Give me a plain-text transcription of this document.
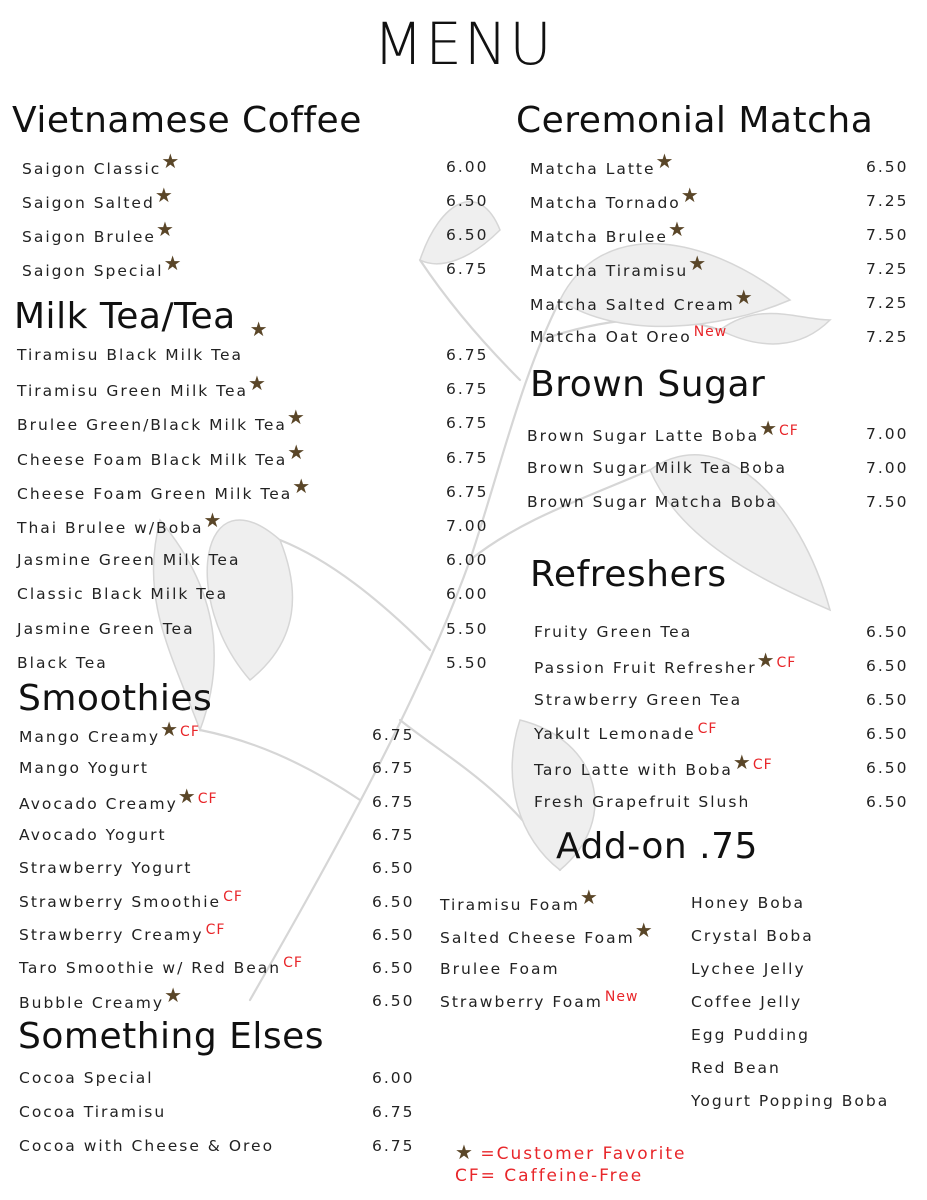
MENU
Vietnamese Coffee
Saigon Classic★	6.00
Saigon Salted★	6.50
Saigon Brulee★	6.50
Saigon Special★	6.75
Milk Tea/Tea $_★$
Tiramisu Black Milk Tea	6.75
Tiramisu Green Milk Tea★	6.75
Brulee Green/Black Milk Tea★	6.75
Cheese Foam Black Milk Tea★	6.75
Cheese Foam Green Milk Tea★	6.75
Thai Brulee w/Boba★	7.00
Jasmine Green Milk Tea	6.00
Classic Black Milk Tea	6.00
Jasmine Green Tea	5.50
Black Tea	5.50
Smoothies
Mango Creamy★ CF	6.75
Mango Yogurt	6.75
Avocado Creamy★ CF	6.75
Avocado Yogurt	6.75
Strawberry Yogurt	6.50
Strawberry Smoothie CF	6.50
Strawberry Creamy CF	6.50
Taro Smoothie w/ Red Bean CF	6.50
Bubble Creamy★	6.50
Something Elses
Cocoa Special	6.00
Cocoa Tiramisu	6.75
Cocoa with Cheese & Oreo	6.75
Ceremonial Matcha
Matcha Latte★	6.50
Matcha Tornado★	7.25
Matcha Brulee★	7.50
Matcha Tiramisu★	7.25
Matcha Salted Cream★	7.25
Matcha Oat Oreo New	7.25
Brown Sugar
Brown Sugar Latte Boba★ CF	7.00
Brown Sugar Milk Tea Boba	7.00
Brown Sugar Matcha Boba	7.50
Refreshers
Fruity Green Tea	6.50
Passion Fruit Refresher★ CF	6.50
Strawberry Green Tea	6.50
Yakult Lemonade CF	6.50
Taro Latte with Boba★ CF	6.50
Fresh Grapefruit Slush	6.50
Add-on .75
Tiramisu Foam★
Salted Cheese Foam★
Brulee Foam
Strawberry Foam New
Honey Boba
Crystal Boba
Lychee Jelly
Coffee Jelly
Egg Pudding
Red Bean
Yogurt Popping Boba
★ =Customer Favorite
CF= Caffeine-Free
